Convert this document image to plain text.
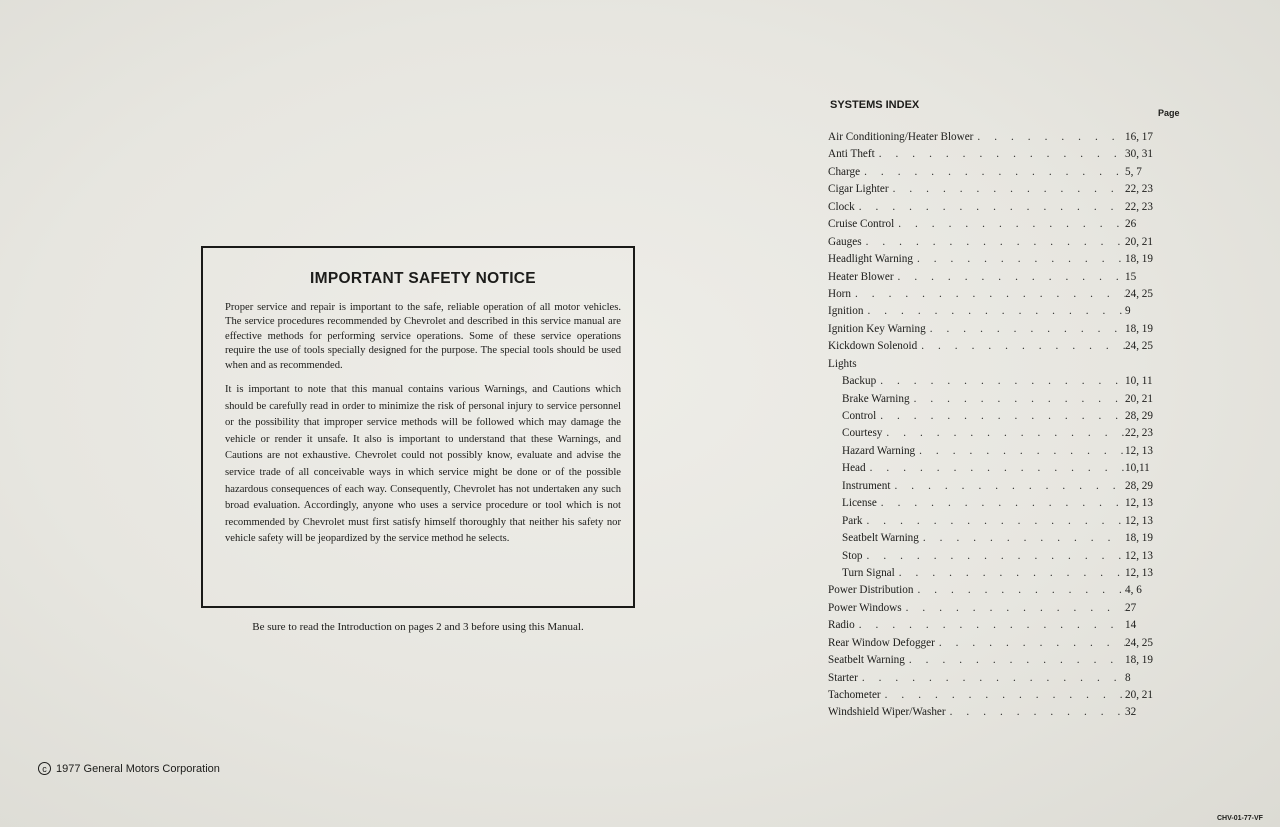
IMPORTANT SAFETY NOTICE

Proper service and repair is important to the safe, reliable operation of all motor vehicles. The service procedures recommended by Chevrolet and described in this service manual are effective methods for performing service operations. Some of these service operations require the use of tools specially designed for the purpose. The special tools should be used when and as recommended.

It is important to note that this manual contains various Warnings, and Cautions which should be carefully read in order to minimize the risk of personal injury to service personnel or the possibility that improper service methods will be followed which may damage the vehicle or render it unsafe. It also is important to understand that these Warnings, and Cautions are not exhaustive. Chevrolet could not possibly know, evaluate and advise the service trade of all conceivable ways in which service might be done or of the possible hazardous consequences of each way. Consequently, Chevrolet has not undertaken any such broad evaluation. Accordingly, anyone who uses a service procedure or tool which is not recommended by Chevrolet must first satisfy himself thoroughly that neither his safety nor vehicle safety will be jeopardized by the service method he selects.

Be sure to read the Introduction on pages 2 and 3 before using this Manual.
c 1977 General Motors Corporation
SYSTEMS INDEX
Page
Air Conditioning/Heater Blower . . .	16, 17
Anti Theft . . .	30, 31
Charge . . .	5, 7
Cigar Lighter . . .	22, 23
Clock . . .	22, 23
Cruise Control . . .	26
Gauges . . .	20, 21
Headlight Warning . . .	18, 19
Heater Blower . . .	15
Horn . . .	24, 25
Ignition . . .	9
Ignition Key Warning . . .	18, 19
Kickdown Solenoid . . .	24, 25
Lights
Backup . . .	10, 11
Brake Warning . . .	20, 21
Control . . .	28, 29
Courtesy . . .	22, 23
Hazard Warning . . .	12, 13
Head . . .	10,11
Instrument . . .	28, 29
License . . .	12, 13
Park . . .	12, 13
Seatbelt Warning . . .	18, 19
Stop . . .	12, 13
Turn Signal . . .	12, 13
Power Distribution . . .	4, 6
Power Windows . . .	27
Radio . . .	14
Rear Window Defogger . . .	24, 25
Seatbelt Warning . . .	18, 19
Starter . . .	8
Tachometer . . .	20, 21
Windshield Wiper/Washer . . .	32
CHV-01-77-VF
